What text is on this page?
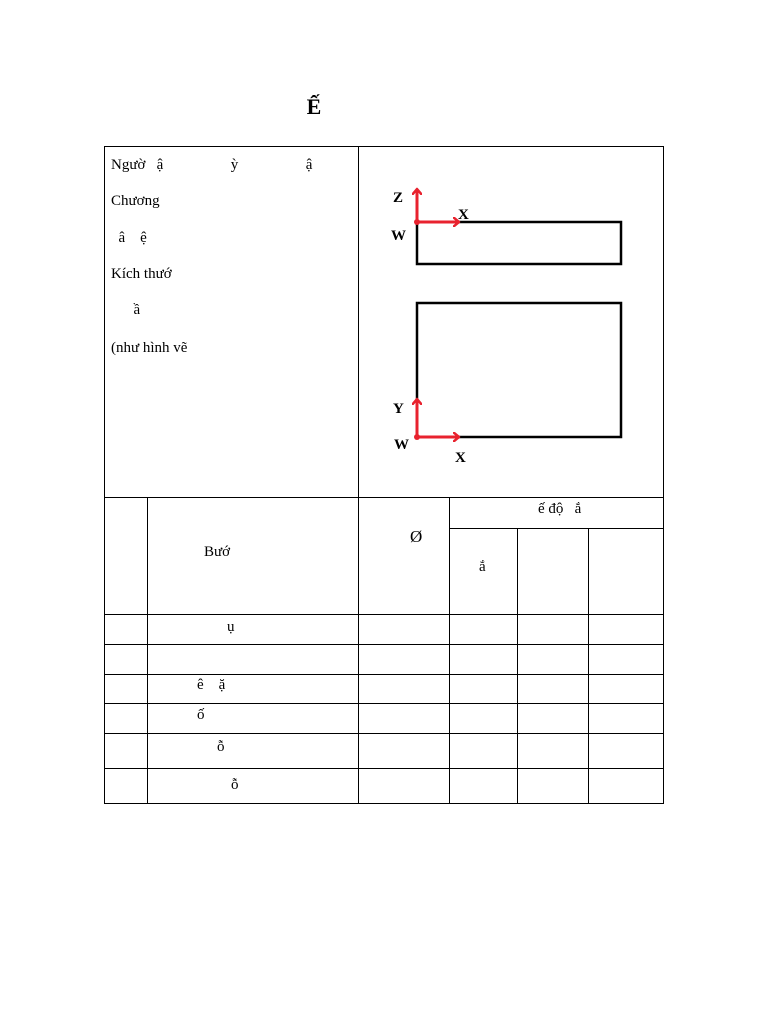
Ế
Ngườ   ậ                  ỳ                  ậ
Chương
â    ệ
Kích thướ
ầ
(như hình vẽ
Z
X
W
Y
W
X
Bướ
Ø
ế độ   ắ
ắ
ụ
ê    ặ
ố
ỗ
ỗ
